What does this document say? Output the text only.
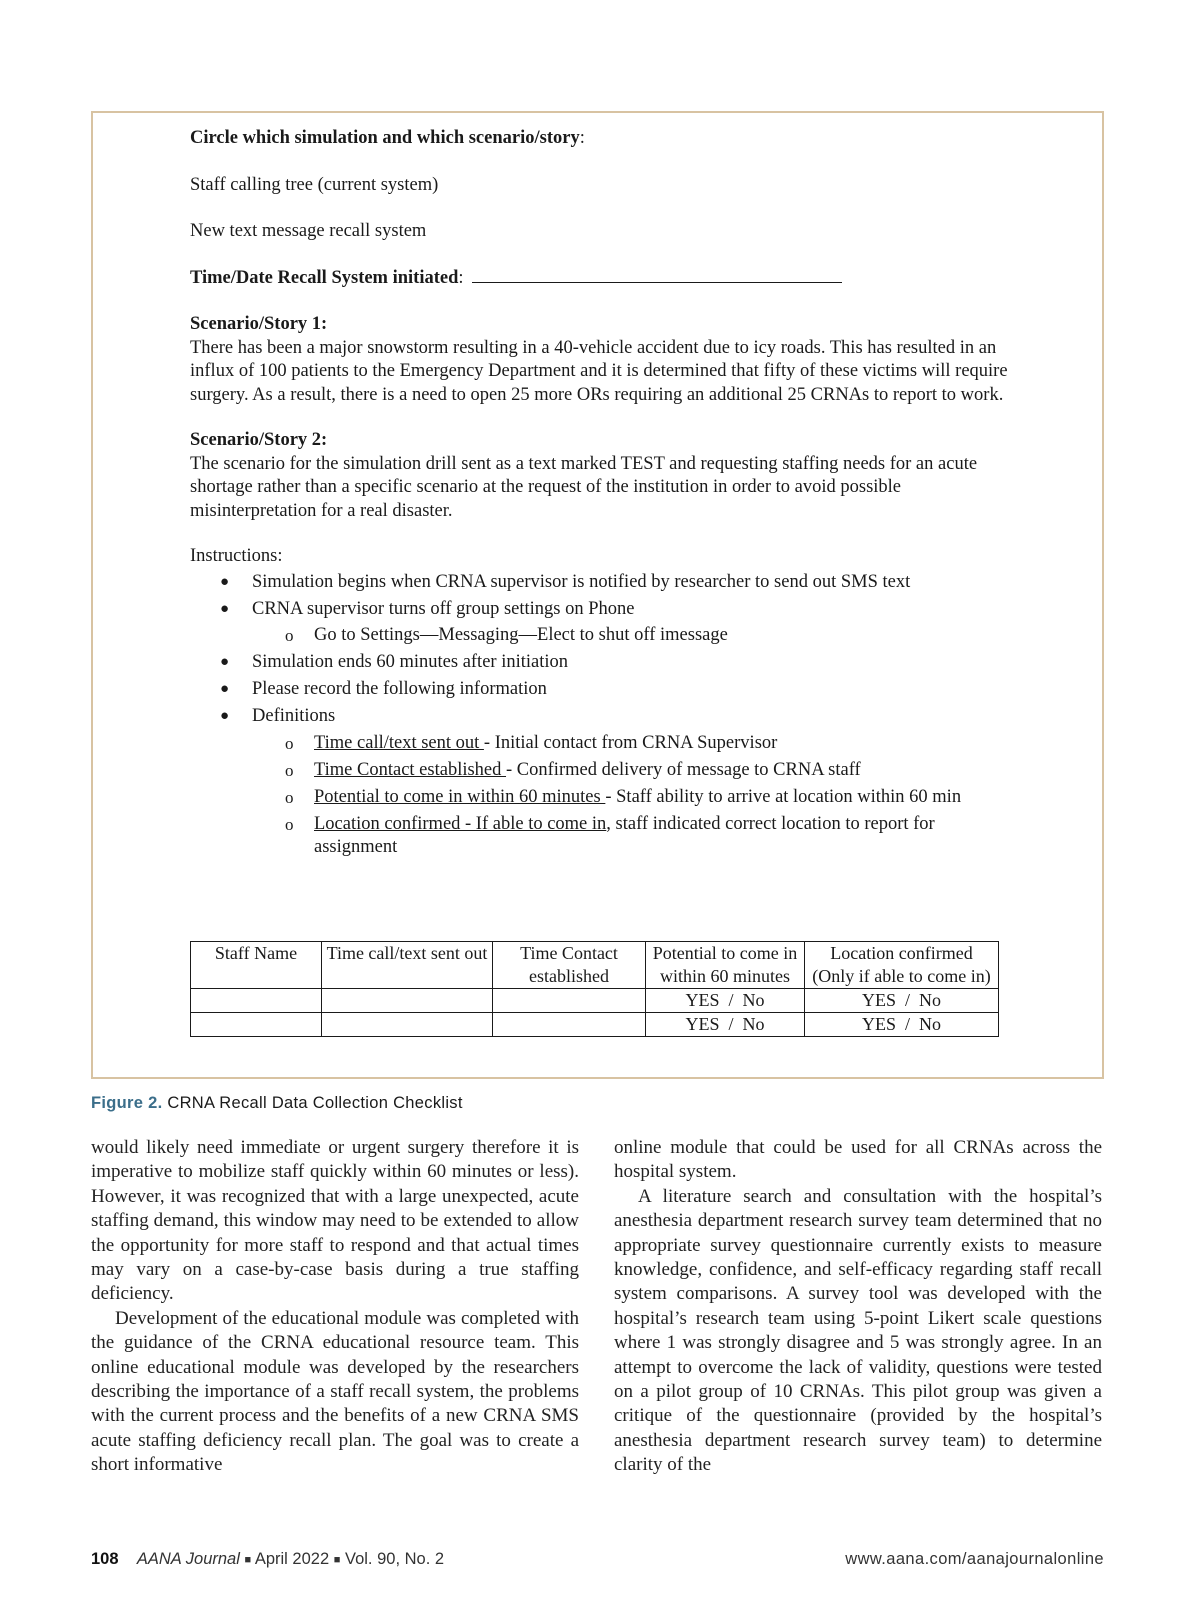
Circle which simulation and which scenario/story:

Staff calling tree (current system)

New text message recall system

Time/Date Recall System initiated:

Scenario/Story 1:

There has been a major snowstorm resulting in a 40-vehicle accident due to icy roads. This has resulted in an influx of 100 patients to the Emergency Department and it is determined that fifty of these victims will require surgery. As a result, there is a need to open 25 more ORs requiring an additional 25 CRNAs to report to work.

Scenario/Story 2:

The scenario for the simulation drill sent as a text marked TEST and requesting staffing needs for an acute shortage rather than a specific scenario at the request of the institution in order to avoid possible misinterpretation for a real disaster.

Instructions:

● Simulation begins when CRNA supervisor is notified by researcher to send out SMS text
● CRNA supervisor turns off group settings on Phone
o Go to Settings—Messaging—Elect to shut off imessage
● Simulation ends 60 minutes after initiation
● Please record the following information
● Definitions
o Time call/text sent out - Initial contact from CRNA Supervisor
o Time Contact established - Confirmed delivery of message to CRNA staff
o Potential to come in within 60 minutes - Staff ability to arrive at location within 60 min
o Location confirmed - If able to come in, staff indicated correct location to report for assignment
Staff Name	Time call/text sent out	Time Contact established	Potential to come in within 60 minutes	Location confirmed (Only if able to come in)
			YES  /  No	YES  /  No
			YES  /  No	YES  /  No
Figure 2. CRNA Recall Data Collection Checklist

would likely need immediate or urgent surgery therefore it is imperative to mobilize staff quickly within 60 minutes or less). However, it was recognized that with a large unexpected, acute staffing demand, this window may need to be extended to allow the opportunity for more staff to respond and that actual times may vary on a case-by-case basis during a true staffing deficiency.

Development of the educational module was completed with the guidance of the CRNA educational resource team. This online educational module was developed by the researchers describing the importance of a staff recall system, the problems with the current process and the benefits of a new CRNA SMS acute staffing deficiency recall plan. The goal was to create a short informative

online module that could be used for all CRNAs across the hospital system.

A literature search and consultation with the hospital’s anesthesia department research survey team determined that no appropriate survey questionnaire currently exists to measure knowledge, confidence, and self-efficacy regarding staff recall system comparisons. A survey tool was developed with the hospital’s research team using 5-point Likert scale questions where 1 was strongly disagree and 5 was strongly agree. In an attempt to overcome the lack of validity, questions were tested on a pilot group of 10 CRNAs. This pilot group was given a critique of the questionnaire (provided by the hospital’s anesthesia department research survey team) to determine clarity of the

108 AANA Journal ■ April 2022 ■ Vol. 90, No. 2	www.aana.com/aanajournalonline
